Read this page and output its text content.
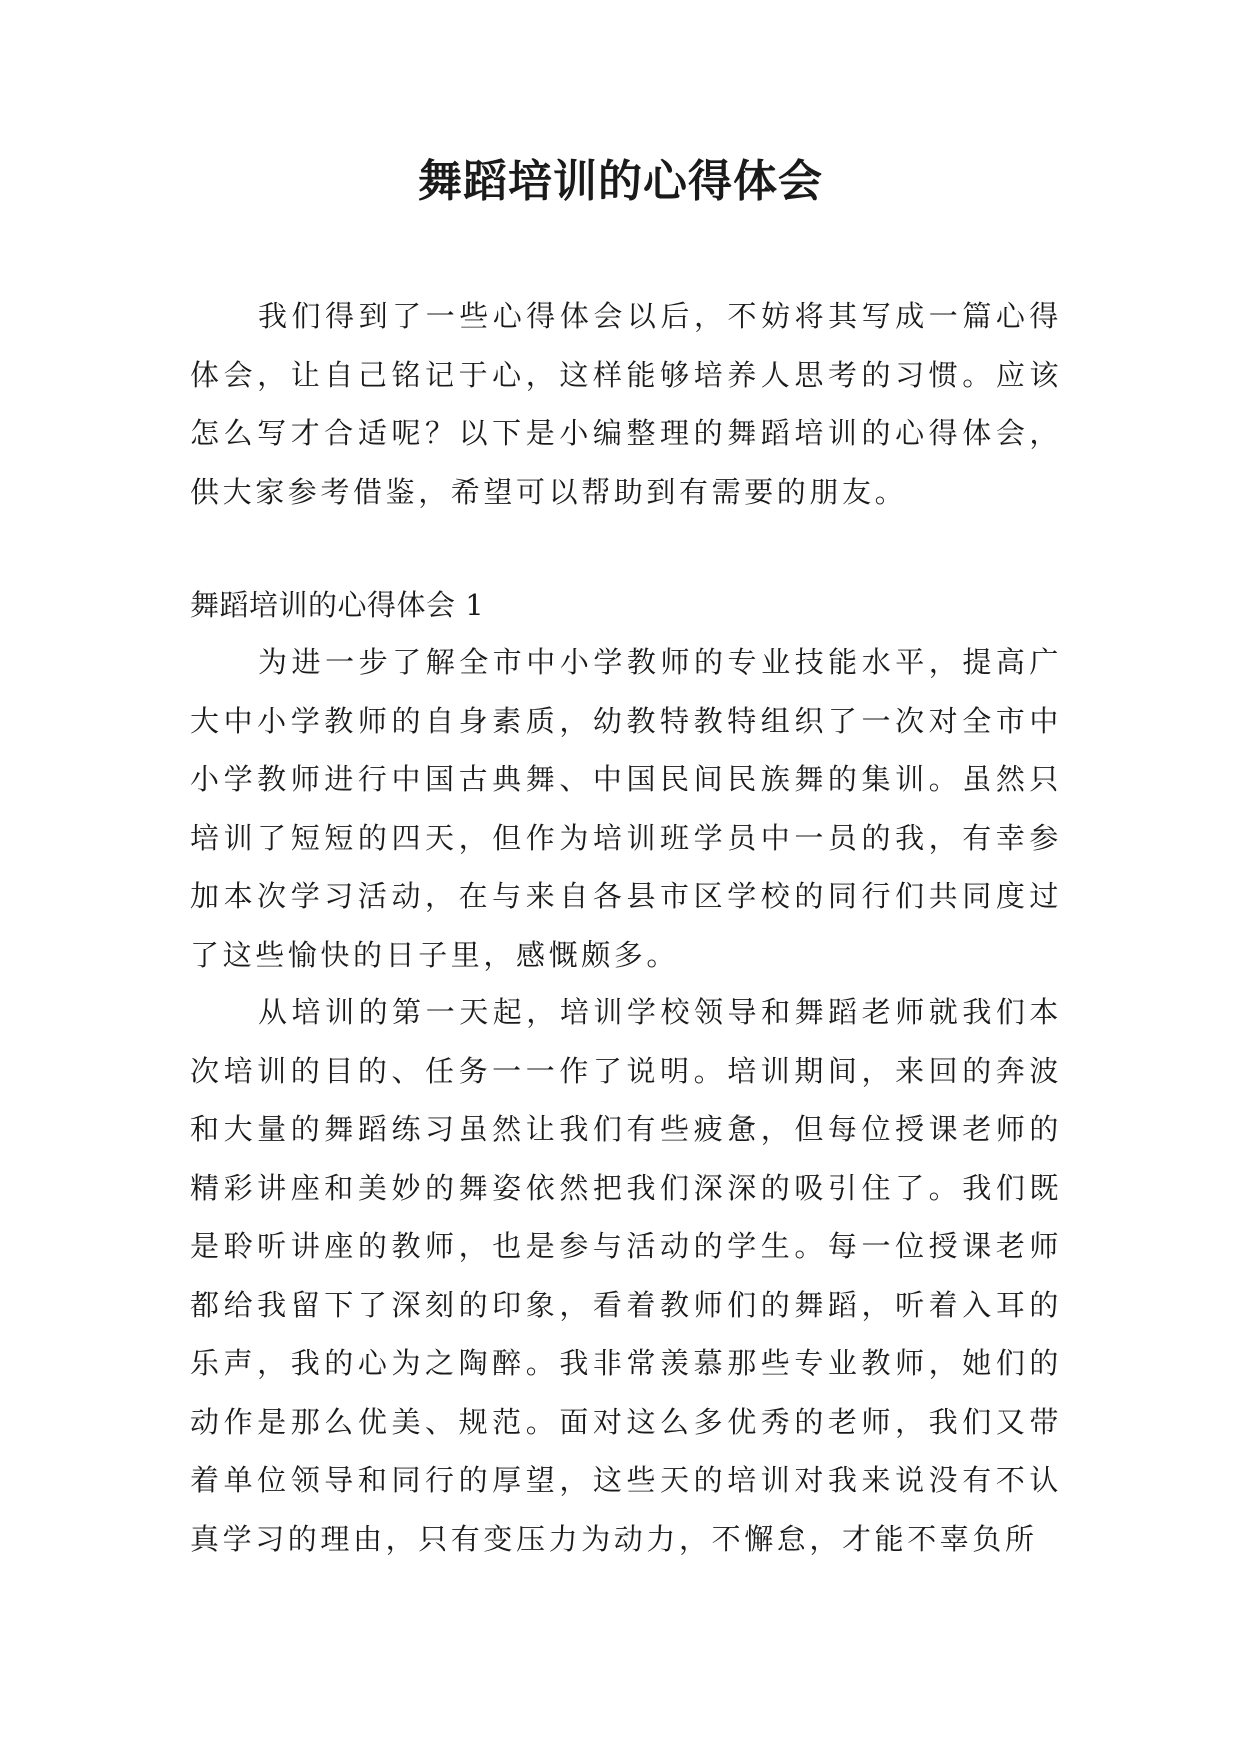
舞蹈培训的心得体会

我们得到了一些心得体会以后，不妨将其写成一篇心得体会，让自己铭记于心，这样能够培养人思考的习惯。应该怎么写才合适呢？以下是小编整理的舞蹈培训的心得体会，供大家参考借鉴，希望可以帮助到有需要的朋友。

舞蹈培训的心得体会 1

为进一步了解全市中小学教师的专业技能水平，提高广大中小学教师的自身素质，幼教特教特组织了一次对全市中小学教师进行中国古典舞、中国民间民族舞的集训。虽然只培训了短短的四天，但作为培训班学员中一员的我，有幸参加本次学习活动，在与来自各县市区学校的同行们共同度过了这些愉快的日子里，感慨颇多。

从培训的第一天起，培训学校领导和舞蹈老师就我们本次培训的目的、任务一一作了说明。培训期间，来回的奔波和大量的舞蹈练习虽然让我们有些疲惫，但每位授课老师的精彩讲座和美妙的舞姿依然把我们深深的吸引住了。我们既是聆听讲座的教师，也是参与活动的学生。每一位授课老师都给我留下了深刻的印象，看着教师们的舞蹈，听着入耳的乐声，我的心为之陶醉。我非常羡慕那些专业教师，她们的动作是那么优美、规范。面对这么多优秀的老师，我们又带着单位领导和同行的厚望，这些天的培训对我来说没有不认真学习的理由，只有变压力为动力，不懈怠，才能不辜负所
